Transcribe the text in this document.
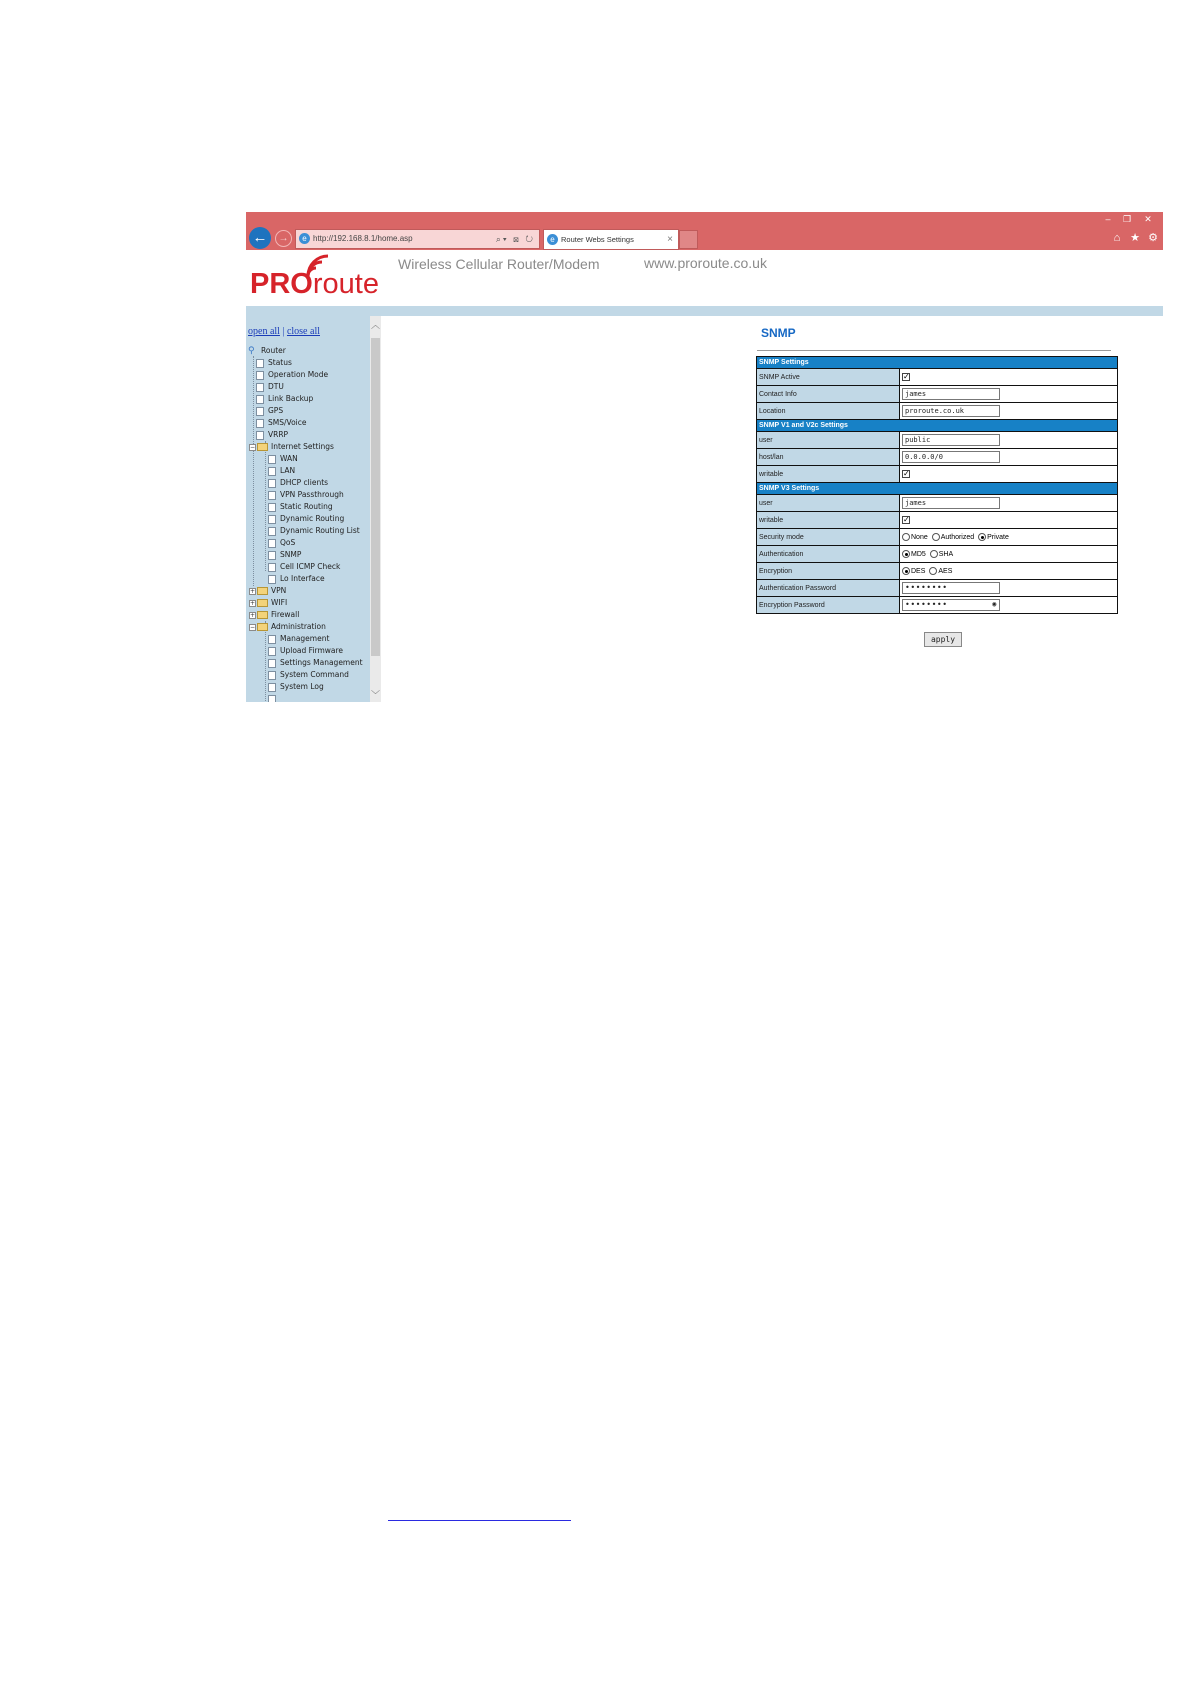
←	→	e http://192.168.8.1/home.asp	⌕▾ ⊠ ↻	e Router Webs Settings	×
–	❐	✕
⌂ ★ ⚙
PROroute
Wireless Cellular Router/Modem	www.proroute.co.uk
open all | close all
⚲ Router
Status
Operation Mode
DTU
Link Backup
GPS
SMS/Voice
VRRP
− Internet Settings
WAN
LAN
DHCP clients
VPN Passthrough
Static Routing
Dynamic Routing
Dynamic Routing List
QoS
SNMP
Cell ICMP Check
Lo Interface
+ VPN
+ WIFI
+ Firewall
− Administration
Management
Upload Firmware
Settings Management
System Command
System Log
︿
﹀
SNMP
SNMP Settings	
SNMP Active	✓
Contact Info	james
Location	proroute.co.uk
SNMP V1 and V2c Settings	
user	public
host/lan	0.0.0.0/0
writable	✓
SNMP V3 Settings	
user	james
writable	✓
Security mode	None Authorized Private
Authentication	MD5 SHA
Encryption	DES AES
Authentication Password	••••••••
Encryption Password	•••••••• ◉
apply
